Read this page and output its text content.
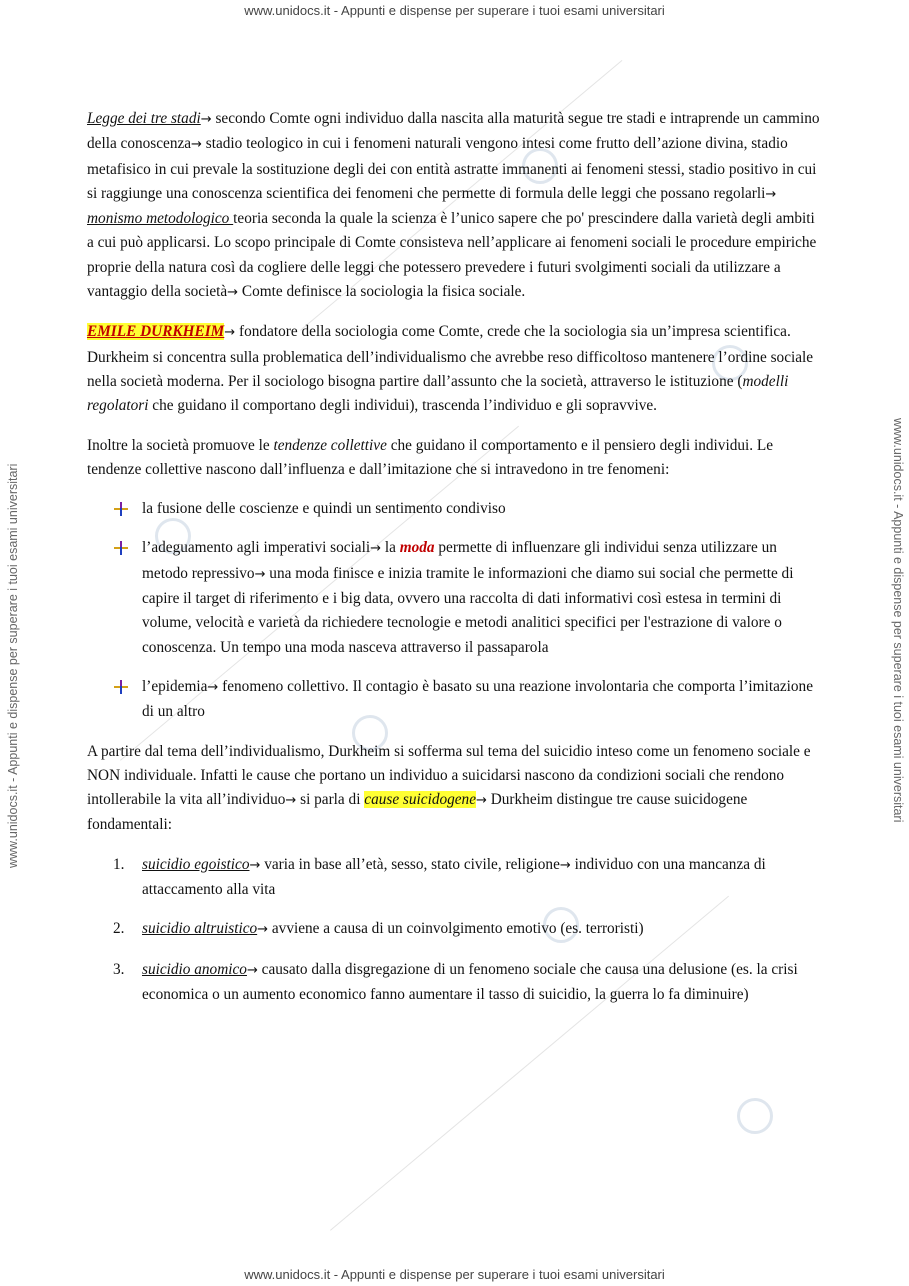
www.unidocs.it - Appunti e dispense per superare i tuoi esami universitari
www.unidocs.it - Appunti e dispense per superare i tuoi esami universitari
www.unidocs.it - Appunti e dispense per superare i tuoi esami universitari	www.unidocs.it - Appunti e dispense per superare i tuoi esami universitari

Legge dei tre stadi→ secondo Comte ogni individuo dalla nascita alla maturità segue tre stadi e intraprende un cammino della conoscenza→ stadio teologico in cui i fenomeni naturali vengono intesi come frutto dell’azione divina, stadio metafisico in cui prevale la sostituzione degli dei con entità astratte immanenti ai fenomeni stessi, stadio positivo in cui si raggiunge una conoscenza scientifica dei fenomeni che permette di formula delle leggi che possano regolarli→ monismo metodologico teoria seconda la quale la scienza è l’unico sapere che po' prescindere dalla varietà degli ambiti a cui può applicarsi. Lo scopo principale di Comte consisteva nell’applicare ai fenomeni sociali le procedure empiriche proprie della natura così da cogliere delle leggi che potessero prevedere i futuri svolgimenti sociali da utilizzare a vantaggio della società→ Comte definisce la sociologia la fisica sociale.

EMILE DURKHEIM→ fondatore della sociologia come Comte, crede che la sociologia sia un’impresa scientifica. Durkheim si concentra sulla problematica dell’individualismo che avrebbe reso difficoltoso mantenere l’ordine sociale nella società moderna. Per il sociologo bisogna partire dall’assunto che la società, attraverso le istituzione (modelli regolatori che guidano il comportano degli individui), trascenda l’individuo e gli sopravvive.

Inoltre la società promuove le tendenze collettive che guidano il comportamento e il pensiero degli individui. Le tendenze collettive nascono dall’influenza e dall’imitazione che si intravedono in tre fenomeni:

la fusione delle coscienze e quindi un sentimento condiviso
l’adeguamento agli imperativi sociali→ la moda permette di influenzare gli individui senza utilizzare un metodo repressivo→ una moda finisce e inizia tramite le informazioni che diamo sui social che permette di capire il target di riferimento e i big data, ovvero una raccolta di dati informativi così estesa in termini di volume, velocità e varietà da richiedere tecnologie e metodi analitici specifici per l'estrazione di valore o conoscenza. Un tempo una moda nasceva attraverso il passaparola
l’epidemia→ fenomeno collettivo. Il contagio è basato su una reazione involontaria che comporta l’imitazione di un altro

A partire dal tema dell’individualismo, Durkheim si sofferma sul tema del suicidio inteso come un fenomeno sociale e NON individuale. Infatti le cause che portano un individuo a suicidarsi nascono da condizioni sociali che rendono intollerabile la vita all’individuo→ si parla di cause suicidogene→ Durkheim distingue tre cause suicidogene fondamentali:

1. suicidio egoistico→ varia in base all’età, sesso, stato civile, religione→ individuo con una mancanza di attaccamento alla vita
2. suicidio altruistico→ avviene a causa di un coinvolgimento emotivo (es. terroristi)
3. suicidio anomico→ causato dalla disgregazione di un fenomeno sociale che causa una delusione (es. la crisi economica o un aumento economico fanno aumentare il tasso di suicidio, la guerra lo fa diminuire)
